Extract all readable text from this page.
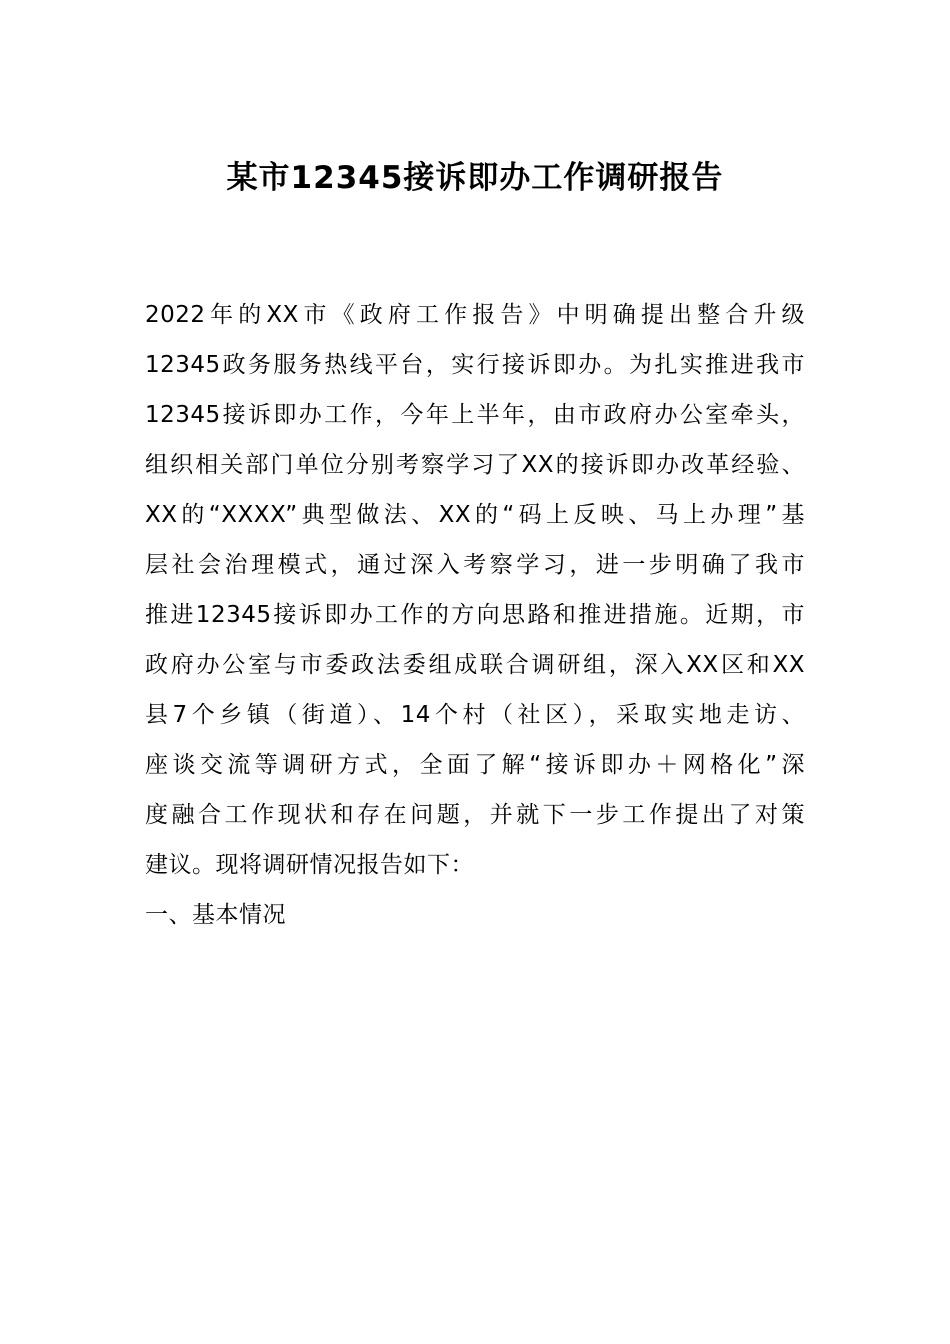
某市12345接诉即办工作调研报告
2022年的XX市《政府工作报告》中明确提出整合升级
12345政务服务热线平台，实行接诉即办。为扎实推进我市
12345接诉即办工作，今年上半年，由市政府办公室牵头，
组织相关部门单位分别考察学习了XX的接诉即办改革经验、
XX的“XXXX”典型做法、XX的“码上反映、马上办理”基
层社会治理模式，通过深入考察学习，进一步明确了我市
推进12345接诉即办工作的方向思路和推进措施。近期，市
政府办公室与市委政法委组成联合调研组，深入XX区和XX
县7个乡镇（街道）、14个村（社区），采取实地走访、
座谈交流等调研方式，全面了解“接诉即办＋网格化”深
度融合工作现状和存在问题，并就下一步工作提出了对策
建议。现将调研情况报告如下：
一、基本情况
